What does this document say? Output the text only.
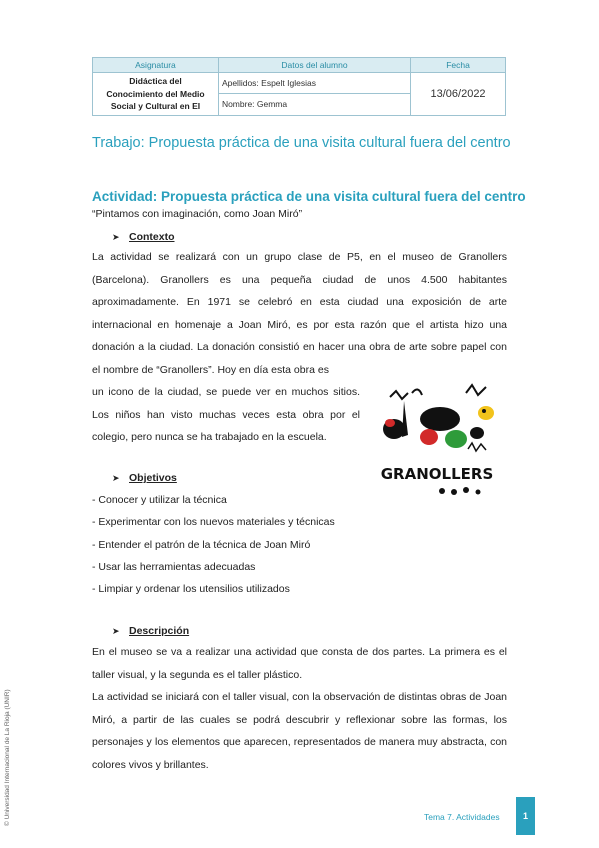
Asignatura	Datos del alumno	Fecha

Didáctica del
Conocimiento del Medio
Social y Cultural en EI	Apellidos: Espelt Iglesias	13/06/2022
	Nombre: Gemma	
Trabajo: Propuesta práctica de una visita cultural fuera del centro
Actividad: Propuesta práctica de una visita cultural fuera del centro
“Pintamos con imaginación, como Joan Miró”
➤ Contexto
La actividad se realizará con un grupo clase de P5, en el museo de Granollers (Barcelona). Granollers es una pequeña ciudad de unos 4.500 habitantes aproximadamente. En 1971 se celebró en esta ciudad una exposición de arte internacional en homenaje a Joan Miró, es por esta razón que el artista hizo una donación a la ciudad. La donación consistió en hacer una obra de arte sobre papel con el nombre de “Granollers”. Hoy en día esta obra es
un icono de la ciudad, se puede ver en muchos sitios. Los niños han visto muchas veces esta obra por el colegio, pero nunca se ha trabajado en la escuela.
GRANOLLERS
➤ Objetivos
- Conocer y utilizar la técnica
- Experimentar con los nuevos materiales y técnicas
- Entender el patrón de la técnica de Joan Miró
- Usar las herramientas adecuadas
- Limpiar y ordenar los utensilios utilizados
➤ Descripción
En el museo se va a realizar una actividad que consta de dos partes. La primera es el taller visual, y la segunda es el taller plástico.
La actividad se iniciará con el taller visual, con la observación de distintas obras de Joan Miró, a partir de las cuales se podrá descubrir y reflexionar sobre las formas, los personajes y los elementos que aparecen, representados de manera muy abstracta, con colores vivos y brillantes.
© Universidad Internacional de La Rioja (UNIR)	Tema 7. Actividades	1
